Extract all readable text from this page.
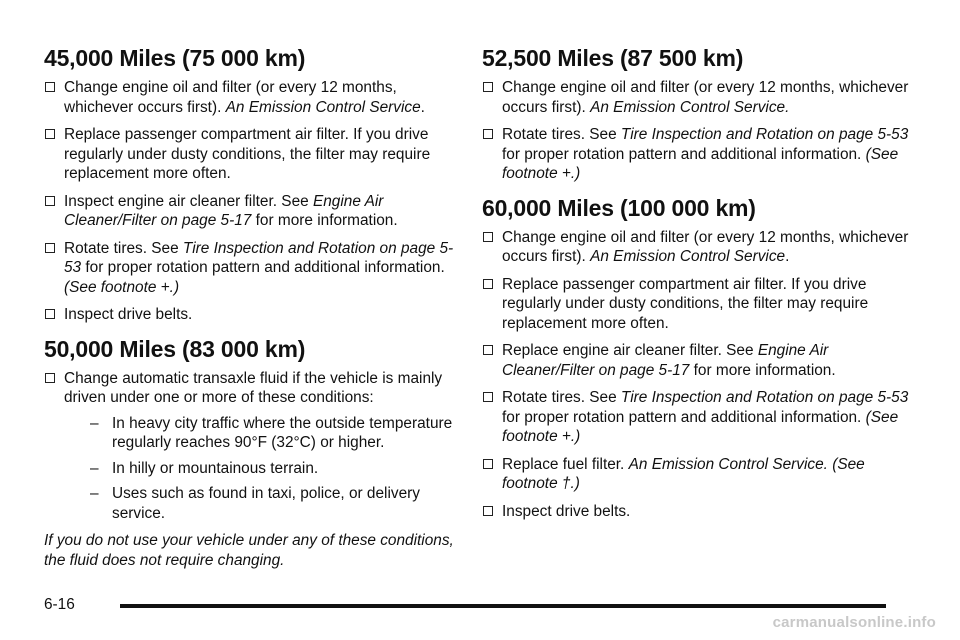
45,000 Miles (75 000 km)
Change engine oil and filter (or every 12 months, whichever occurs first). An Emission Control Service.
Replace passenger compartment air filter. If you drive regularly under dusty conditions, the filter may require replacement more often.
Inspect engine air cleaner filter. See Engine Air Cleaner/Filter on page 5-17 for more information.
Rotate tires. See Tire Inspection and Rotation on page 5-53 for proper rotation pattern and additional information. (See footnote +.)
Inspect drive belts.
50,000 Miles (83 000 km)
Change automatic transaxle fluid if the vehicle is mainly driven under one or more of these conditions:
– In heavy city traffic where the outside temperature regularly reaches 90°F (32°C) or higher.
– In hilly or mountainous terrain.
– Uses such as found in taxi, police, or delivery service.

If you do not use your vehicle under any of these conditions, the fluid does not require changing.

52,500 Miles (87 500 km)
Change engine oil and filter (or every 12 months, whichever occurs first). An Emission Control Service.
Rotate tires. See Tire Inspection and Rotation on page 5-53 for proper rotation pattern and additional information. (See footnote +.)
60,000 Miles (100 000 km)
Change engine oil and filter (or every 12 months, whichever occurs first). An Emission Control Service.
Replace passenger compartment air filter. If you drive regularly under dusty conditions, the filter may require replacement more often.
Replace engine air cleaner filter. See Engine Air Cleaner/Filter on page 5-17 for more information.
Rotate tires. See Tire Inspection and Rotation on page 5-53 for proper rotation pattern and additional information. (See footnote +.)
Replace fuel filter. An Emission Control Service. (See footnote †.)
Inspect drive belts.
6-16
carmanualsonline.info
